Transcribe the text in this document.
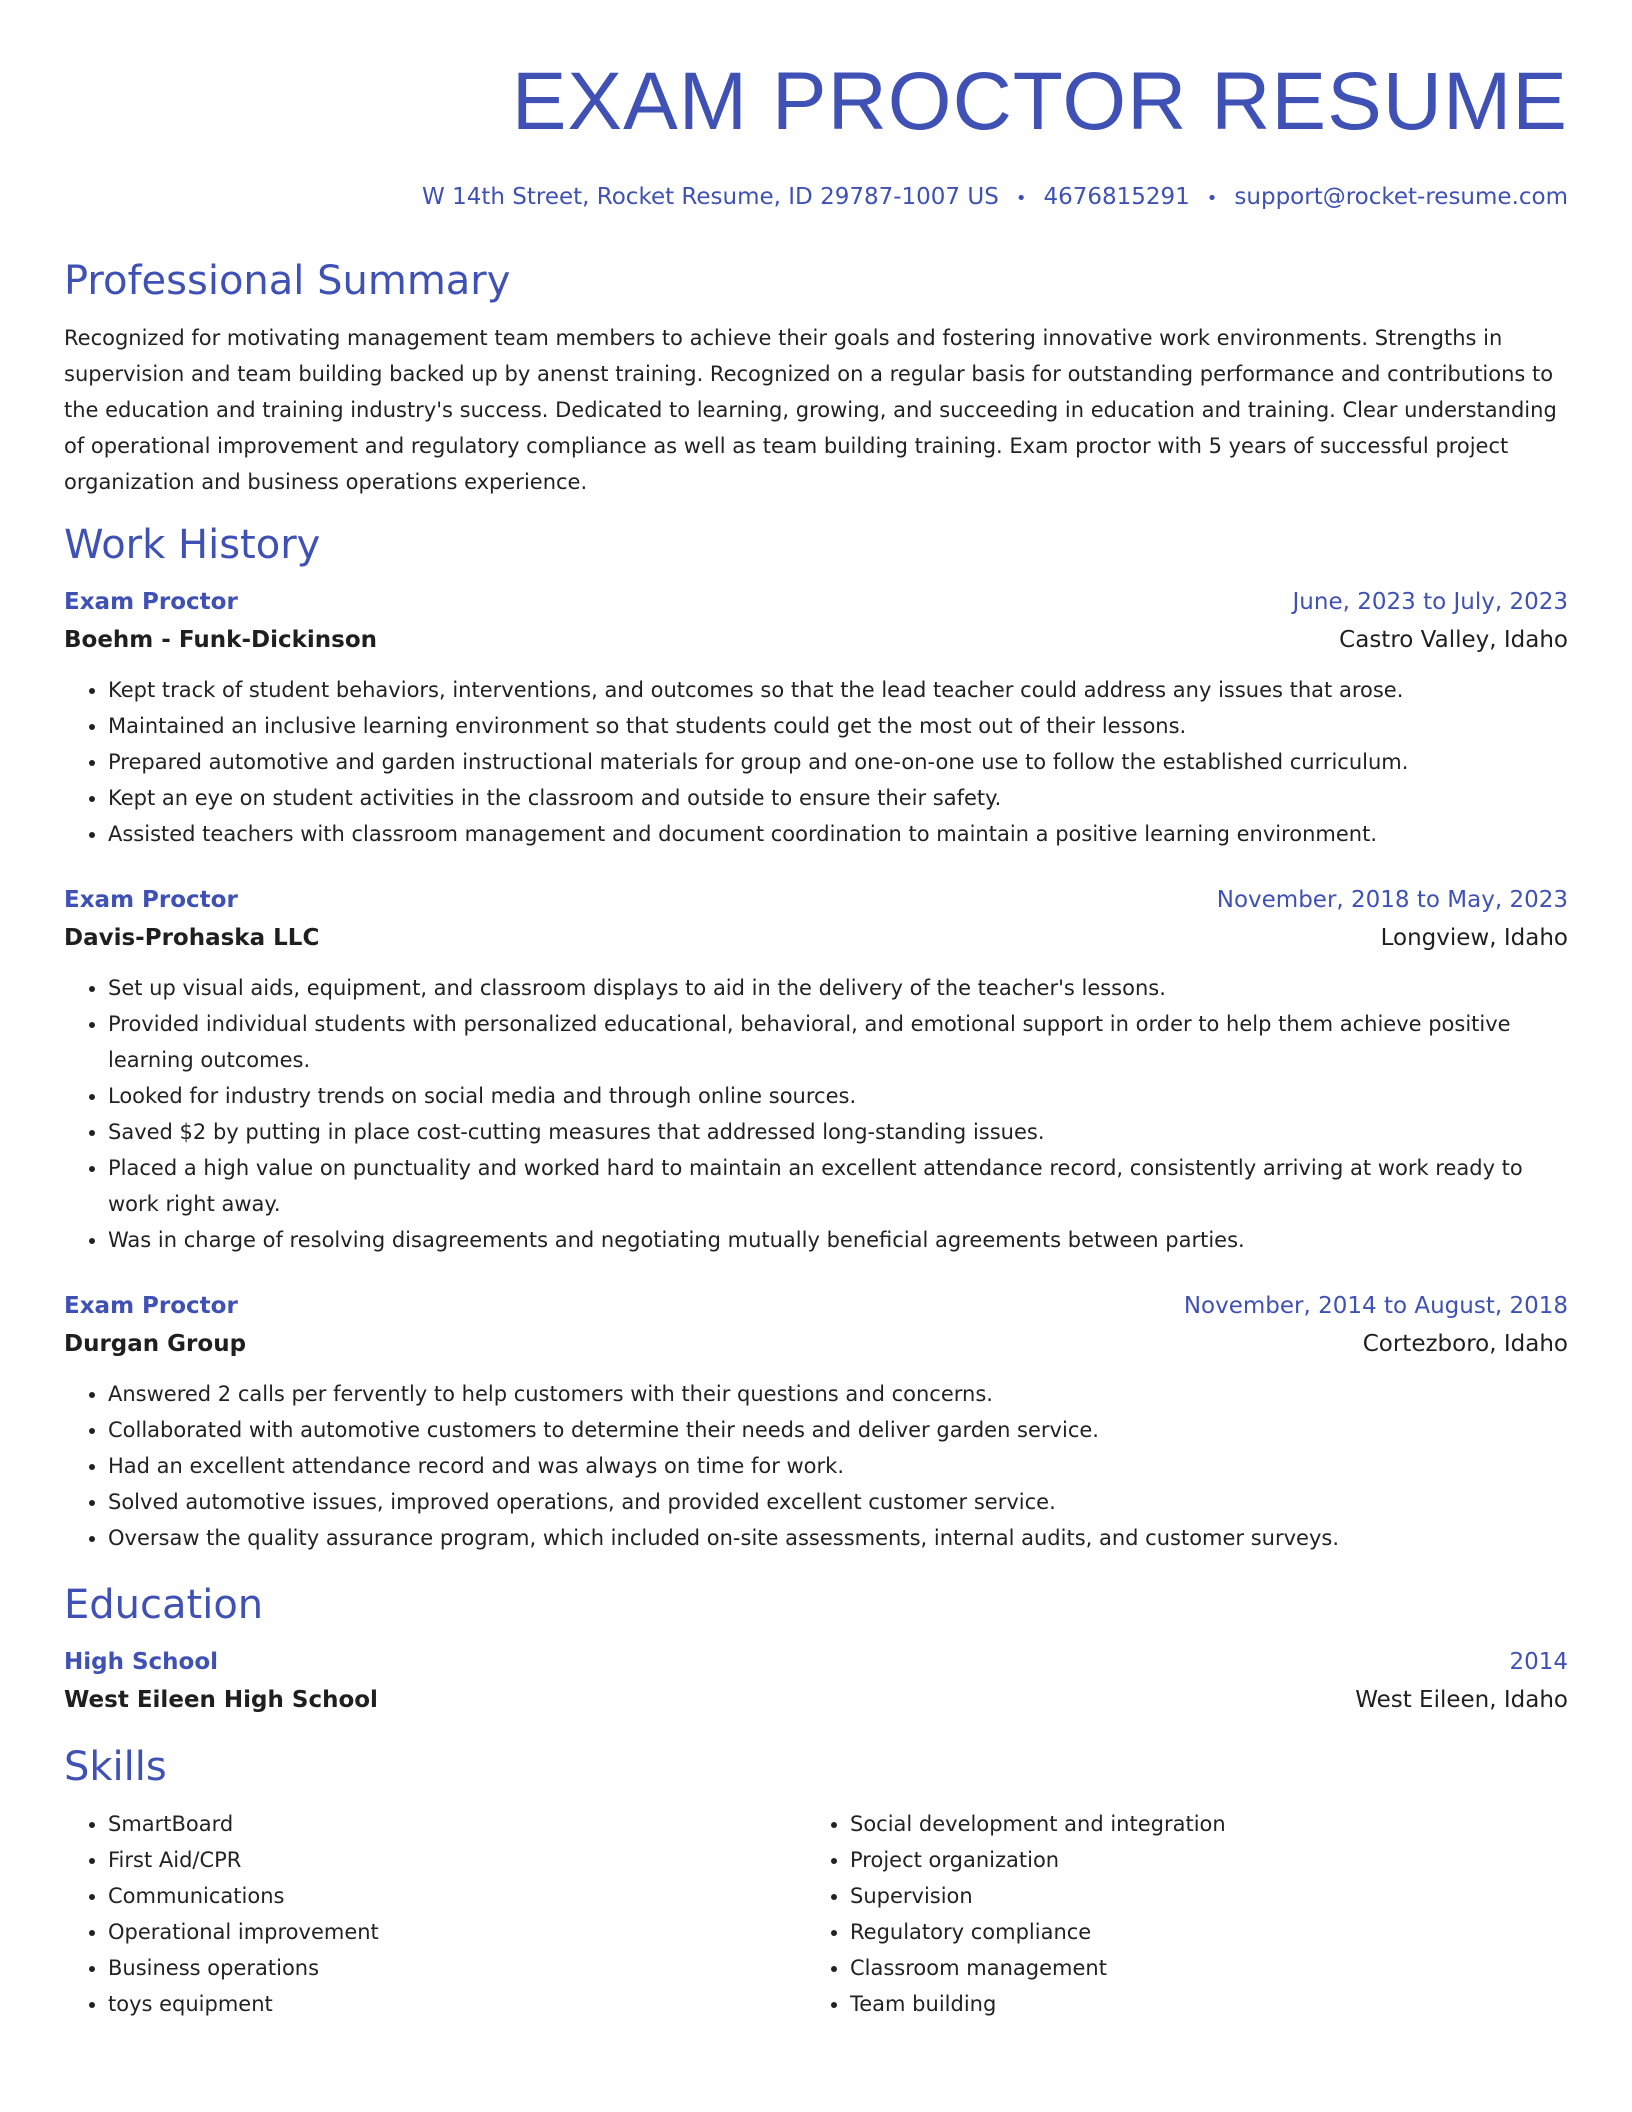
EXAM PROCTOR RESUME
W 14th Street, Rocket Resume, ID 29787-1007 US • 4676815291 • support@rocket-resume.com
Professional Summary
Recognized for motivating management team members to achieve their goals and fostering innovative work environments. Strengths in supervision and team building backed up by anenst training. Recognized on a regular basis for outstanding performance and contributions to the education and training industry's success. Dedicated to learning, growing, and succeeding in education and training. Clear understanding of operational improvement and regulatory compliance as well as team building training. Exam proctor with 5 years of successful project organization and business operations experience.
Work History
Exam Proctor	June, 2023 to July, 2023
Boehm - Funk-Dickinson	Castro Valley, Idaho
• Kept track of student behaviors, interventions, and outcomes so that the lead teacher could address any issues that arose.
• Maintained an inclusive learning environment so that students could get the most out of their lessons.
• Prepared automotive and garden instructional materials for group and one-on-one use to follow the established curriculum.
• Kept an eye on student activities in the classroom and outside to ensure their safety.
• Assisted teachers with classroom management and document coordination to maintain a positive learning environment.
Exam Proctor	November, 2018 to May, 2023
Davis-Prohaska LLC	Longview, Idaho
• Set up visual aids, equipment, and classroom displays to aid in the delivery of the teacher's lessons.
• Provided individual students with personalized educational, behavioral, and emotional support in order to help them achieve positive learning outcomes.
• Looked for industry trends on social media and through online sources.
• Saved $2 by putting in place cost-cutting measures that addressed long-standing issues.
• Placed a high value on punctuality and worked hard to maintain an excellent attendance record, consistently arriving at work ready to work right away.
• Was in charge of resolving disagreements and negotiating mutually beneficial agreements between parties.
Exam Proctor	November, 2014 to August, 2018
Durgan Group	Cortezboro, Idaho
• Answered 2 calls per fervently to help customers with their questions and concerns.
• Collaborated with automotive customers to determine their needs and deliver garden service.
• Had an excellent attendance record and was always on time for work.
• Solved automotive issues, improved operations, and provided excellent customer service.
• Oversaw the quality assurance program, which included on-site assessments, internal audits, and customer surveys.
Education
High School	2014
West Eileen High School	West Eileen, Idaho
Skills
• SmartBoard
• First Aid/CPR
• Communications
• Operational improvement
• Business operations
• toys equipment
• Social development and integration
• Project organization
• Supervision
• Regulatory compliance
• Classroom management
• Team building
